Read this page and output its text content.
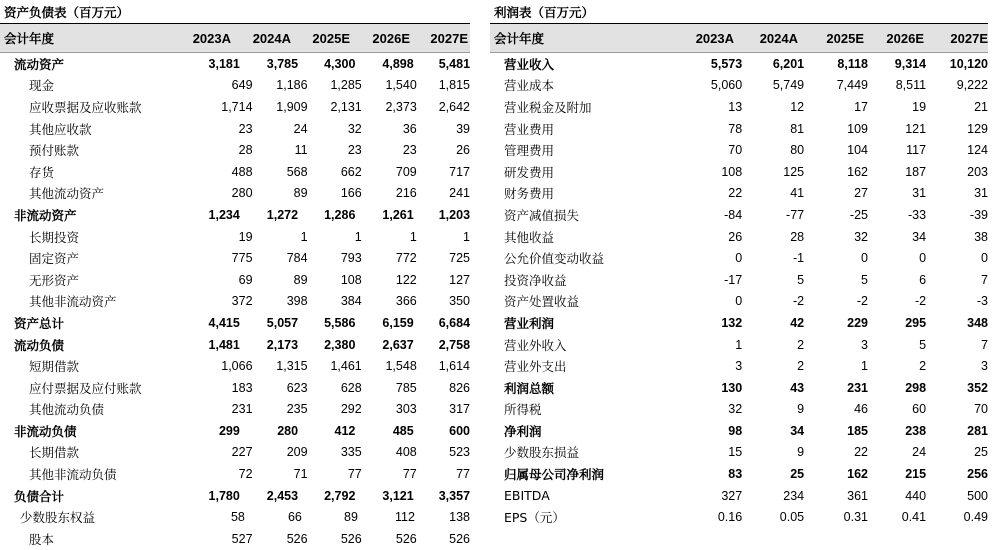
资产负债表（百万元）
会计年度	2023A	2024A	2025E	2026E	2027E
流动资产	3,181	3,785	4,300	4,898	5,481
现金	649	1,186	1,285	1,540	1,815
应收票据及应收账款	1,714	1,909	2,131	2,373	2,642
其他应收款	23	24	32	36	39
预付账款	28	11	23	23	26
存货	488	568	662	709	717
其他流动资产	280	89	166	216	241
非流动资产	1,234	1,272	1,286	1,261	1,203
长期投资	19	1	1	1	1
固定资产	775	784	793	772	725
无形资产	69	89	108	122	127
其他非流动资产	372	398	384	366	350
资产总计	4,415	5,057	5,586	6,159	6,684
流动负债	1,481	2,173	2,380	2,637	2,758
短期借款	1,066	1,315	1,461	1,548	1,614
应付票据及应付账款	183	623	628	785	826
其他流动负债	231	235	292	303	317
非流动负债	299	280	412	485	600
长期借款	227	209	335	408	523
其他非流动负债	72	71	77	77	77
负债合计	1,780	2,453	2,792	3,121	3,357
少数股东权益	58	66	89	112	138
股本	527	526	526	526	526
利润表（百万元）
会计年度	2023A	2024A	2025E	2026E	2027E
营业收入	5,573	6,201	8,118	9,314	10,120
营业成本	5,060	5,749	7,449	8,511	9,222
营业税金及附加	13	12	17	19	21
营业费用	78	81	109	121	129
管理费用	70	80	104	117	124
研发费用	108	125	162	187	203
财务费用	22	41	27	31	31
资产减值损失	-84	-77	-25	-33	-39
其他收益	26	28	32	34	38
公允价值变动收益	0	-1	0	0	0
投资净收益	-17	5	5	6	7
资产处置收益	0	-2	-2	-2	-3
营业利润	132	42	229	295	348
营业外收入	1	2	3	5	7
营业外支出	3	2	1	2	3
利润总额	130	43	231	298	352
所得税	32	9	46	60	70
净利润	98	34	185	238	281
少数股东损益	15	9	22	24	25
归属母公司净利润	83	25	162	215	256
EBITDA	327	234	361	440	500
EPS（元）	0.16	0.05	0.31	0.41	0.49
